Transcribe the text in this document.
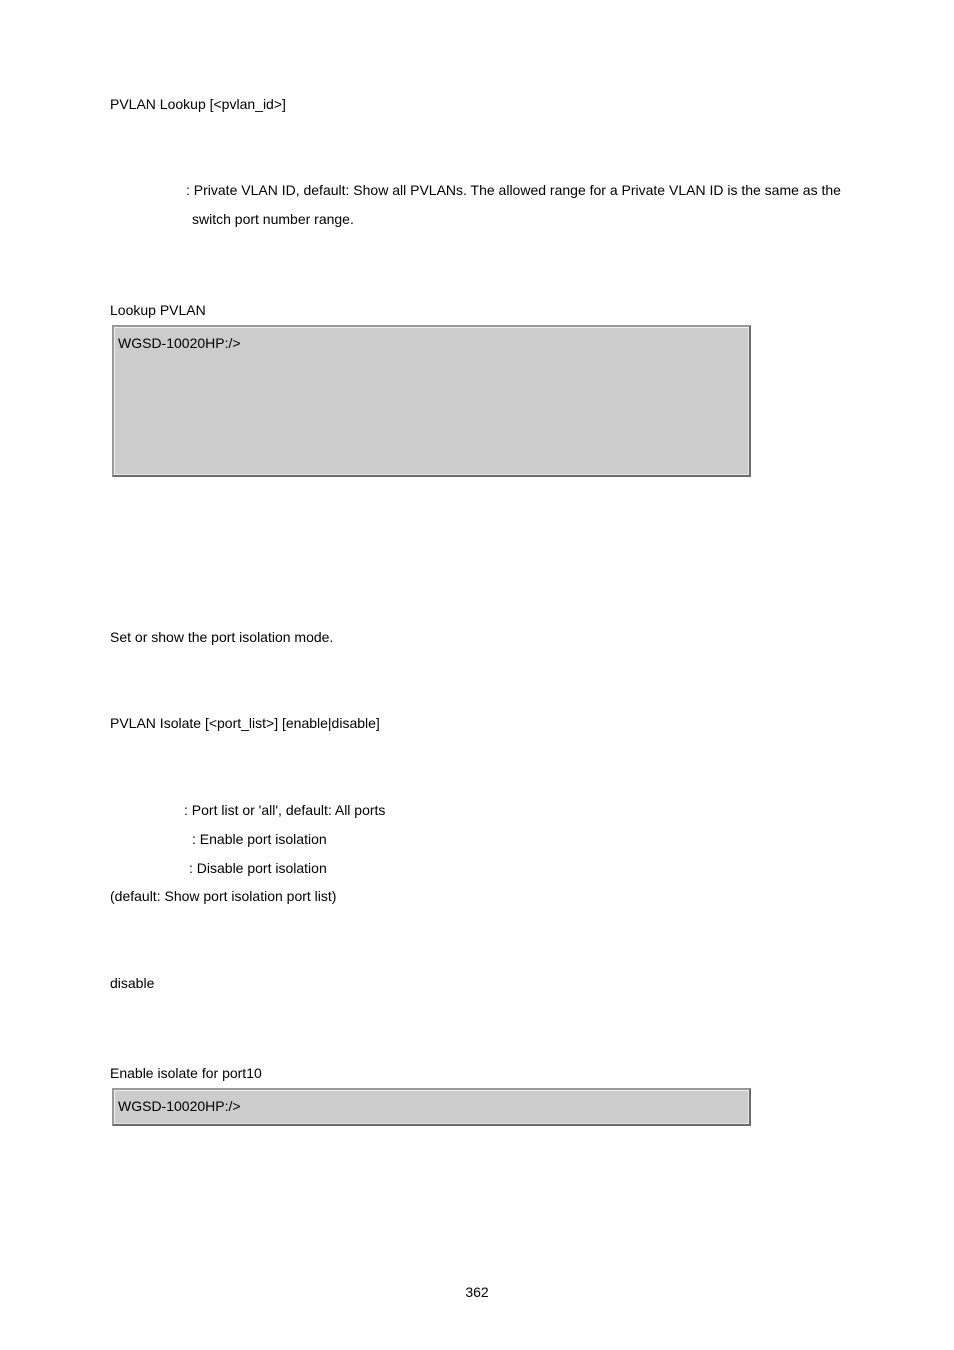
PVLAN Lookup [<pvlan_id>]
: Private VLAN ID, default: Show all PVLANs. The allowed range for a Private VLAN ID is the same as the
switch port number range.
Lookup PVLAN
WGSD-10020HP:/>
Set or show the port isolation mode.
PVLAN Isolate [<port_list>] [enable|disable]
: Port list or 'all', default: All ports
: Enable port isolation
: Disable port isolation
(default: Show port isolation port list)
disable
Enable isolate for port10
WGSD-10020HP:/>
362
